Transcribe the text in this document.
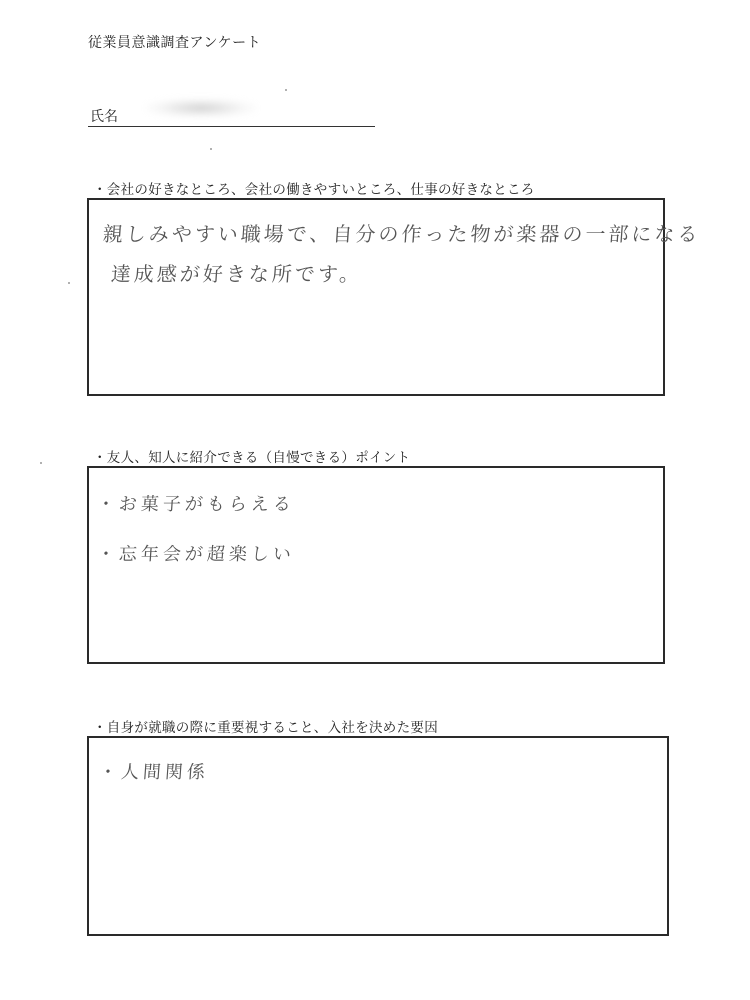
従業員意識調査アンケート
氏名
・会社の好きなところ、会社の働きやすいところ、仕事の好きなところ
親しみやすい職場で、自分の作った物が楽器の一部になる
達成感が好きな所です。
・友人、知人に紹介できる（自慢できる）ポイント
・お菓子がもらえる
・忘年会が超楽しい
・自身が就職の際に重要視すること、入社を決めた要因
・人間関係
